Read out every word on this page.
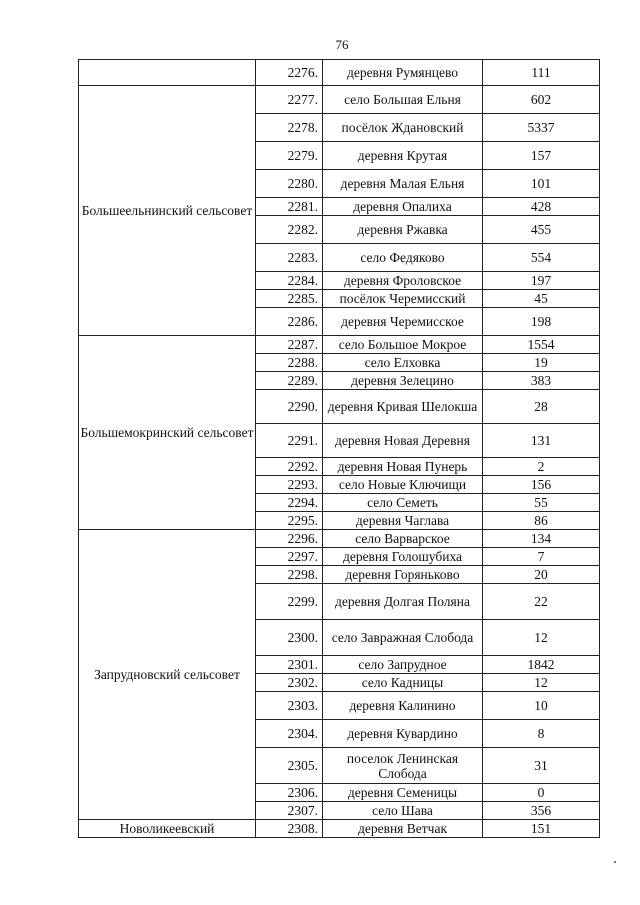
76
	2276.	деревня Румянцево	111
Большеельнинский сельсовет	2277.	село Большая Ельня	602
	2278.	посёлок Ждановский	5337
	2279.	деревня Крутая	157
	2280.	деревня Малая Ельня	101
	2281.	деревня Опалиха	428
	2282.	деревня Ржавка	455
	2283.	село Федяково	554
	2284.	деревня Фроловское	197
	2285.	посёлок Черемисский	45
	2286.	деревня Черемисское	198
Большемокринский сельсовет	2287.	село Большое Мокрое	1554
	2288.	село Елховка	19
	2289.	деревня Зелецино	383
	2290.	деревня Кривая Шелокша	28
	2291.	деревня Новая Деревня	131
	2292.	деревня Новая Пунерь	2
	2293.	село Новые Ключищи	156
	2294.	село Семеть	55
	2295.	деревня Чаглава	86
Запрудновский сельсовет	2296.	село Варварское	134
	2297.	деревня Голошубиха	7
	2298.	деревня Горяньково	20
	2299.	деревня Долгая Поляна	22
	2300.	село Завражная Слобода	12
	2301.	село Запрудное	1842
	2302.	село Кадницы	12
	2303.	деревня Калинино	10
	2304.	деревня Кувардино	8
	2305.	поселок Ленинская Слобода	31
	2306.	деревня Семеницы	0
	2307.	село Шава	356
Новоликеевский	2308.	деревня Ветчак	151
